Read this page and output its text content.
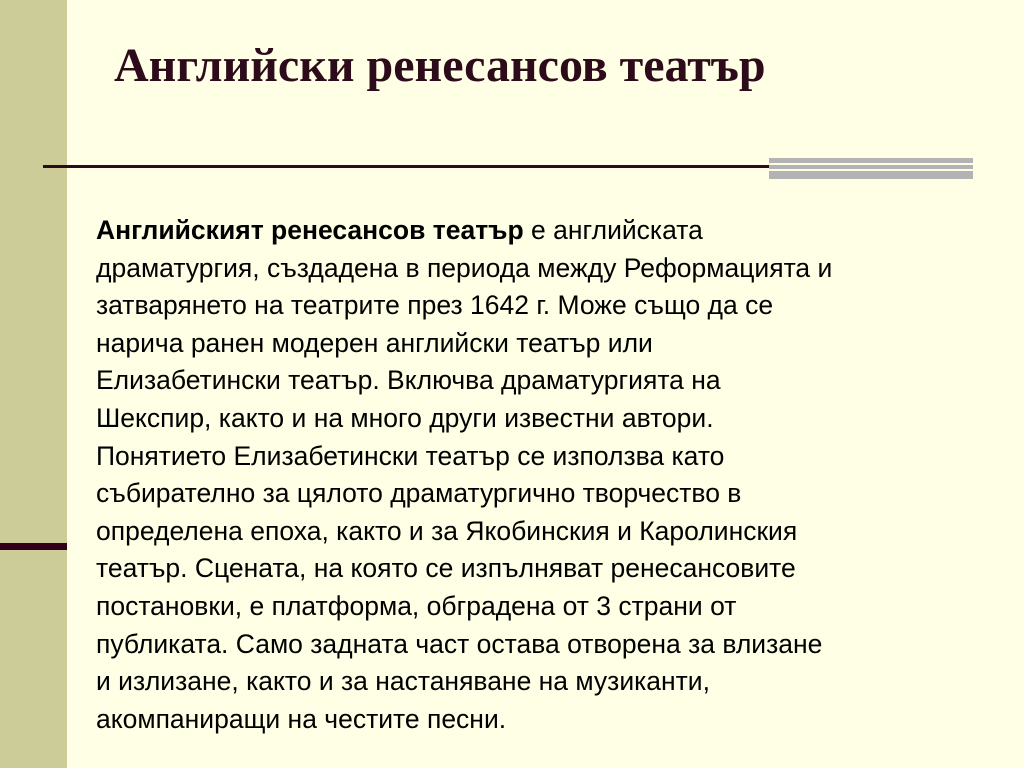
Английски ренесансов театър

Английският ренесансов театър е английската
драматургия, създадена в периода между Реформацията и
затварянето на театрите през 1642 г. Може също да се
нарича ранен модерен английски театър или
Елизабетински театър. Включва драматургията на
Шекспир, както и на много други известни автори.
Понятието Елизабетински театър се използва като
събирателно за цялото драматургично творчество в
определена епоха, както и за Якобинския и Каролинския
театър. Сцената, на която се изпълняват ренесансовите
постановки, е платформа, обградена от 3 страни от
публиката. Само задната част остава отворена за влизане
и излизане, както и за настаняване на музиканти,
акомпаниращи на честите песни.
